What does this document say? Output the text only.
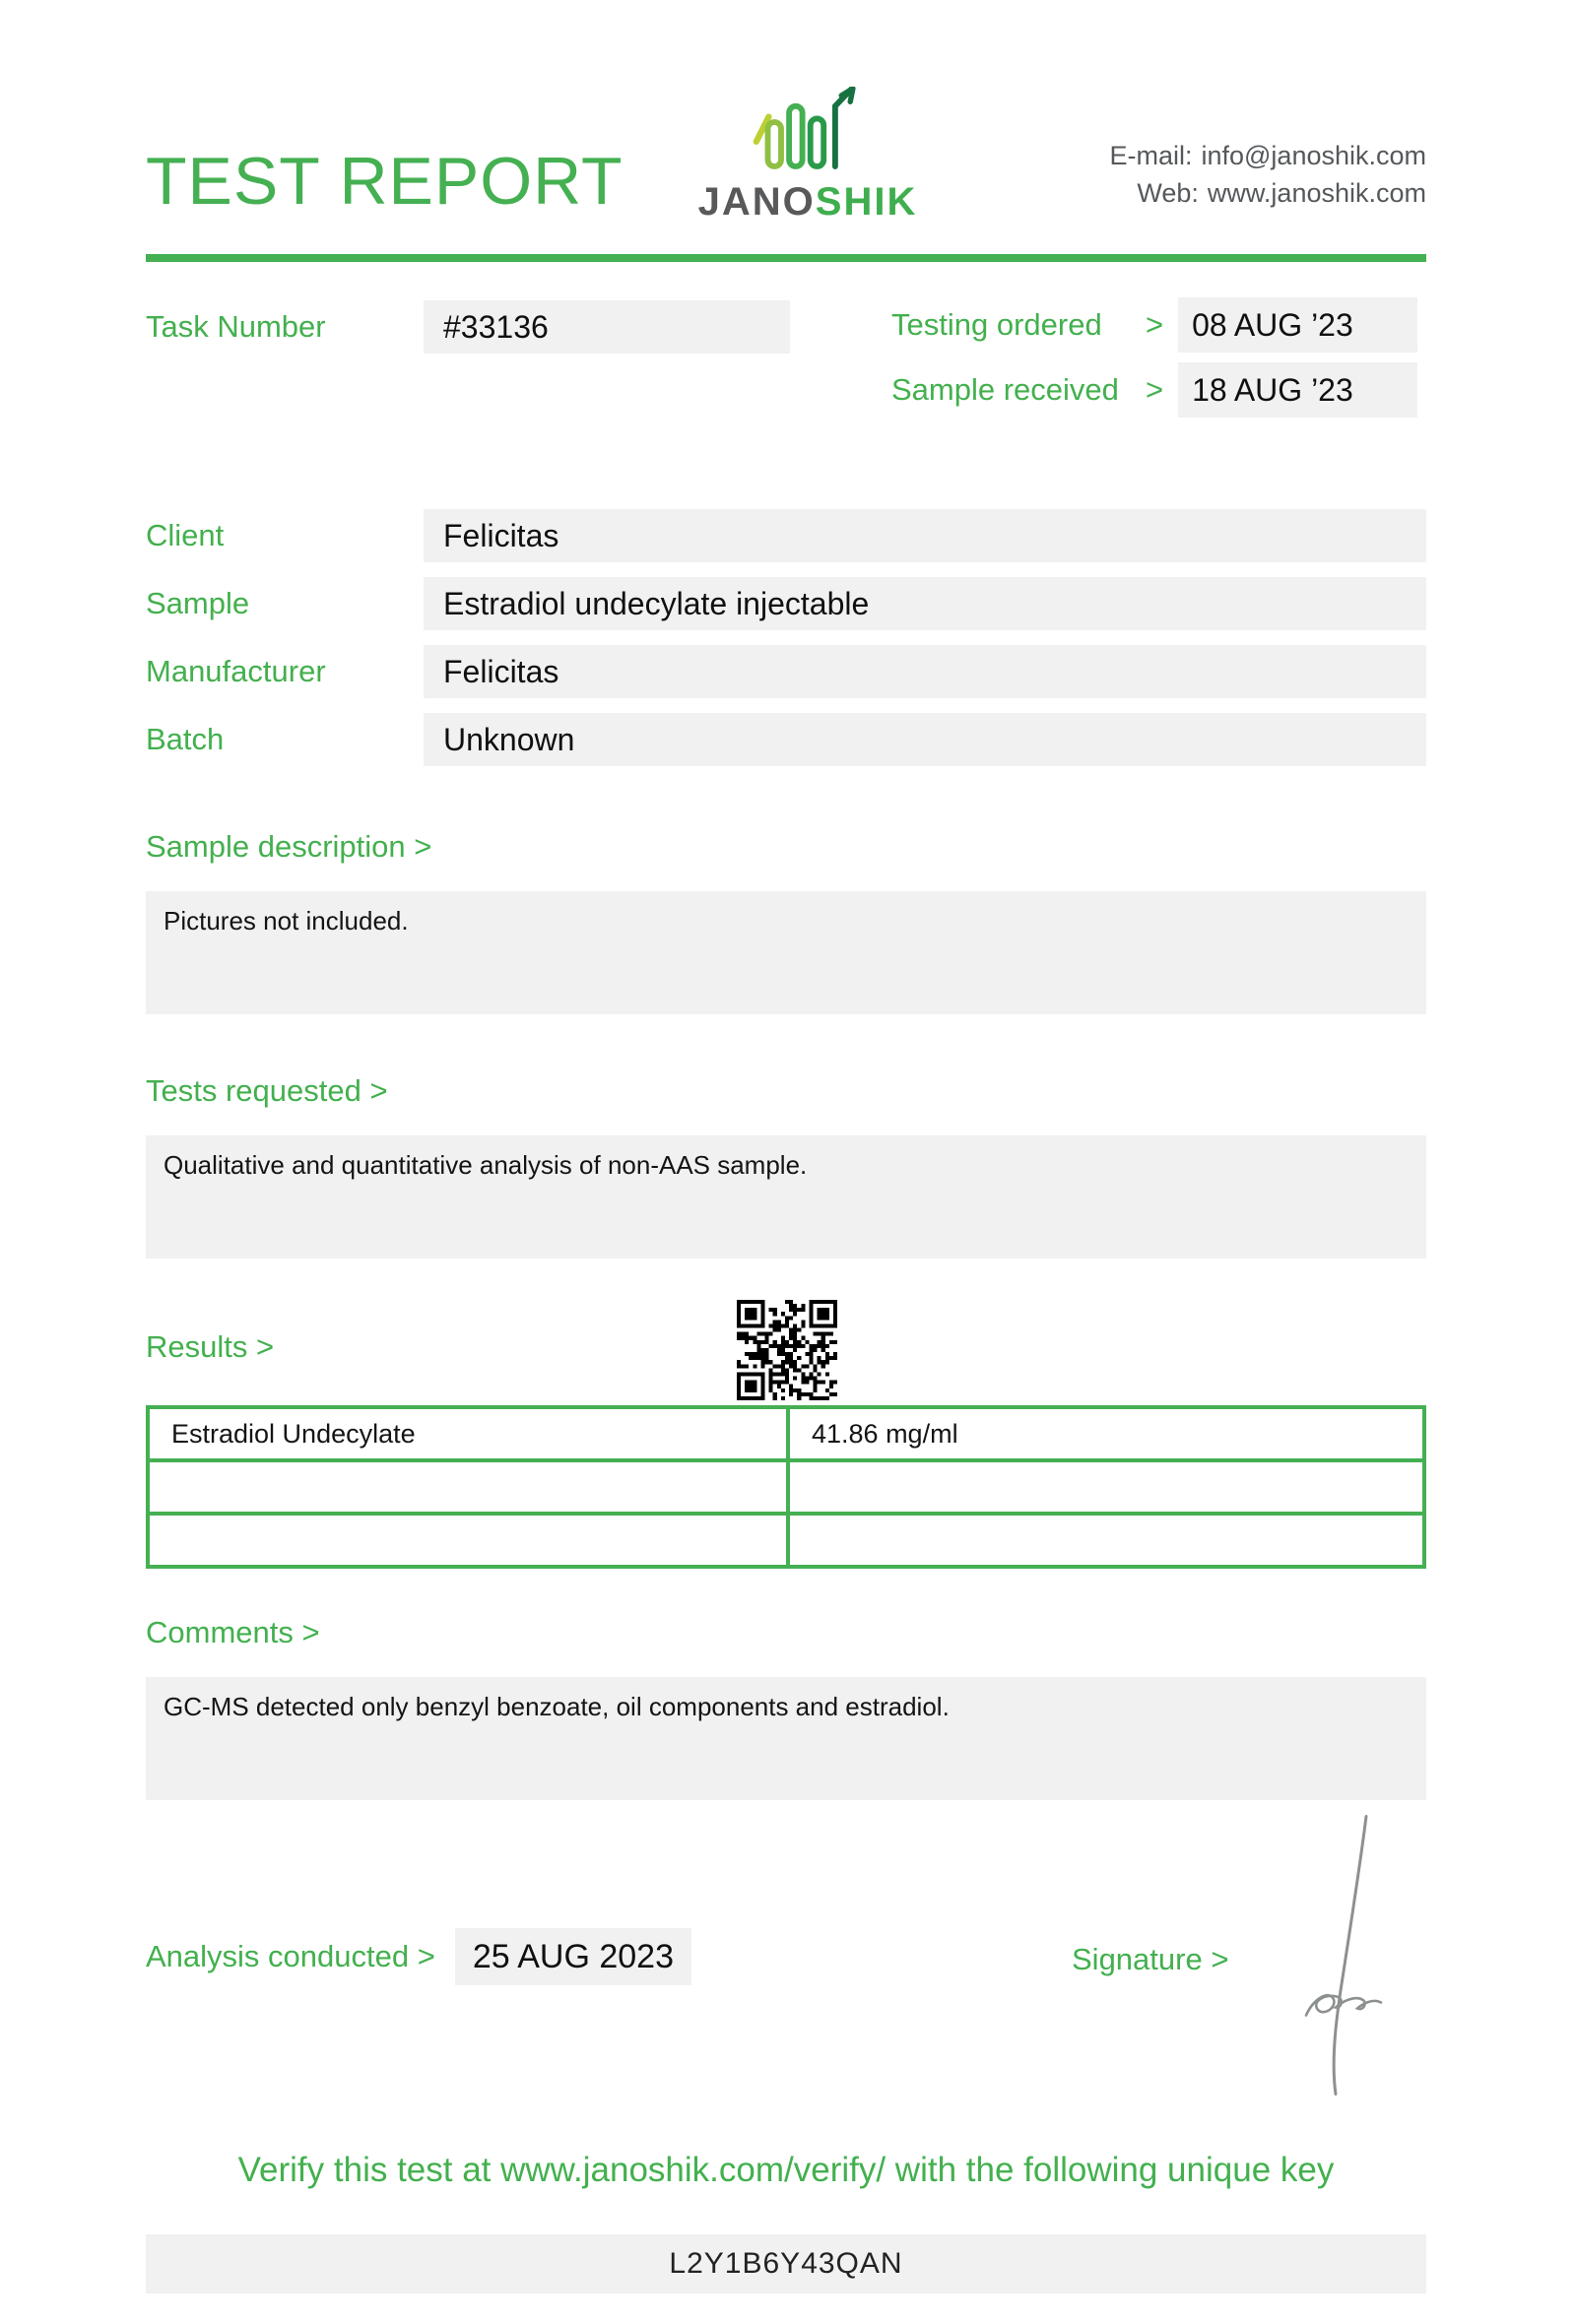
TEST REPORT	JANOSHIK
E-mail: info@janoshik.com
Web: www.janoshik.com
Task Number	#33136	Testing ordered	> 08 AUG ’23
Sample received > 18 AUG ’23
Client	Felicitas
Sample	Estradiol undecylate injectable
Manufacturer	Felicitas
Batch	Unknown
Sample description >
Pictures not included.
Tests requested >
Qualitative and quantitative analysis of non-AAS sample.
Results >
Estradiol Undecylate	41.86 mg/ml

Comments >
GC-MS detected only benzyl benzoate, oil components and estradiol.
Analysis conducted >	25 AUG 2023	Signature >
Verify this test at www.janoshik.com/verify/ with the following unique key
L2Y1B6Y43QAN
